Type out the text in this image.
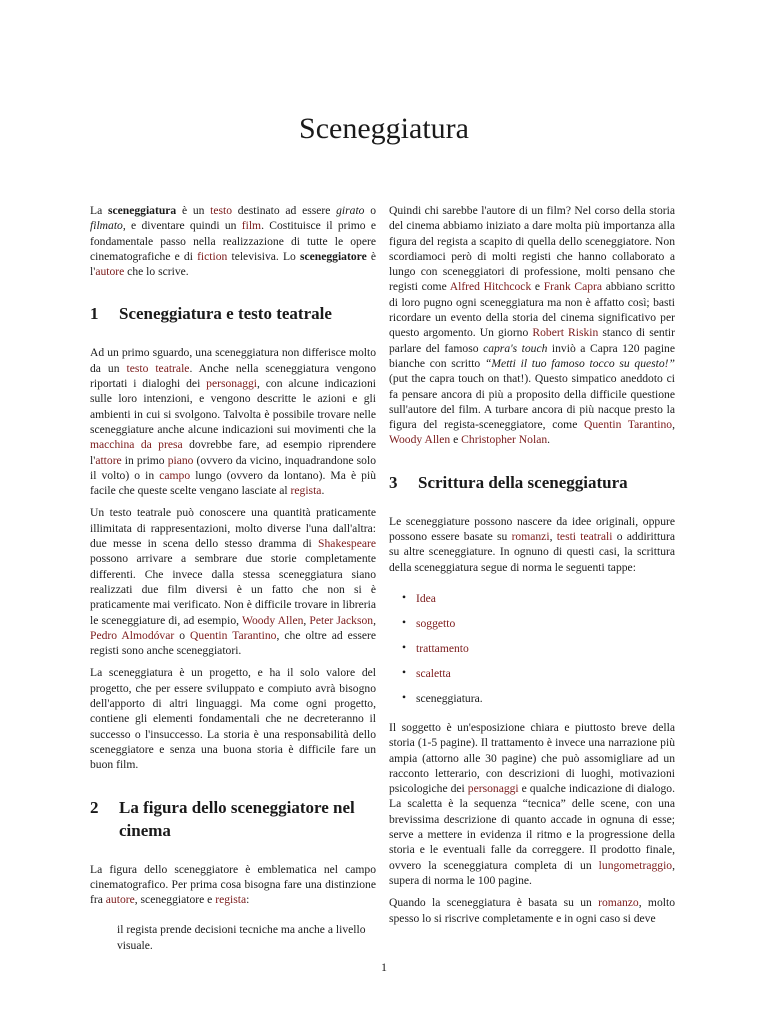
Sceneggiatura

La sceneggiatura è un testo destinato ad essere girato o filmato, e diventare quindi un film. Costituisce il primo e fondamentale passo nella realizzazione di tutte le opere cinematografiche e di fiction televisiva. Lo sceneggiatore è l'autore che lo scrive.

1	Sceneggiatura e testo teatrale

Ad un primo sguardo, una sceneggiatura non differisce molto da un testo teatrale. Anche nella sceneggiatura vengono riportati i dialoghi dei personaggi, con alcune indicazioni sulle loro intenzioni, e vengono descritte le azioni e gli ambienti in cui si svolgono. Talvolta è possibile trovare nelle sceneggiature anche alcune indicazioni sui movimenti che la macchina da presa dovrebbe fare, ad esempio riprendere l'attore in primo piano (ovvero da vicino, inquadrandone solo il volto) o in campo lungo (ovvero da lontano). Ma è più facile che queste scelte vengano lasciate al regista.

Un testo teatrale può conoscere una quantità praticamente illimitata di rappresentazioni, molto diverse l'una dall'altra: due messe in scena dello stesso dramma di Shakespeare possono arrivare a sembrare due storie completamente differenti. Che invece dalla stessa sceneggiatura siano realizzati due film diversi è un fatto che non si è praticamente mai verificato. Non è difficile trovare in libreria le sceneggiature di, ad esempio, Woody Allen, Peter Jackson, Pedro Almodóvar o Quentin Tarantino, che oltre ad essere registi sono anche sceneggiatori.

La sceneggiatura è un progetto, e ha il solo valore del progetto, che per essere sviluppato e compiuto avrà bisogno dell'apporto di altri linguaggi. Ma come ogni progetto, contiene gli elementi fondamentali che ne decreteranno il successo o l'insuccesso. La storia è una responsabilità dello sceneggiatore e senza una buona storia è difficile fare un buon film.

2	La figura dello sceneggiatore nel cinema

La figura dello sceneggiatore è emblematica nel campo cinematografico. Per prima cosa bisogna fare una distinzione fra autore, sceneggiatore e regista:

il regista prende decisioni tecniche ma anche a livello visuale.

Quindi chi sarebbe l'autore di un film? Nel corso della storia del cinema abbiamo iniziato a dare molta più importanza alla figura del regista a scapito di quella dello sceneggiatore. Non scordiamoci però di molti registi che hanno collaborato a lungo con sceneggiatori di professione, molti pensano che registi come Alfred Hitchcock e Frank Capra abbiano scritto di loro pugno ogni sceneggiatura ma non è affatto così; basti ricordare un evento della storia del cinema significativo per questo argomento. Un giorno Robert Riskin stanco di sentir parlare del famoso capra's touch inviò a Capra 120 pagine bianche con scritto “Metti il tuo famoso tocco su questo!” (put the capra touch on that!). Questo simpatico aneddoto ci fa pensare ancora di più a proposito della difficile questione sull'autore del film. A turbare ancora di più nacque presto la figura del regista-sceneggiatore, come Quentin Tarantino, Woody Allen e Christopher Nolan.

3	Scrittura della sceneggiatura

Le sceneggiature possono nascere da idee originali, oppure possono essere basate su romanzi, testi teatrali o addirittura su altre sceneggiature. In ognuno di questi casi, la scrittura della sceneggiatura segue di norma le seguenti tappe:

• Idea
• soggetto
• trattamento
• scaletta
• sceneggiatura.

Il soggetto è un'esposizione chiara e piuttosto breve della storia (1-5 pagine). Il trattamento è invece una narrazione più ampia (attorno alle 30 pagine) che può assomigliare ad un racconto letterario, con descrizioni di luoghi, motivazioni psicologiche dei personaggi e qualche indicazione di dialogo. La scaletta è la sequenza “tecnica” delle scene, con una brevissima descrizione di quanto accade in ognuna di esse; serve a mettere in evidenza il ritmo e la progressione della storia e le eventuali falle da correggere. Il prodotto finale, ovvero la sceneggiatura completa di un lungometraggio, supera di norma le 100 pagine.

Quando la sceneggiatura è basata su un romanzo, molto spesso lo si riscrive completamente e in ogni caso si deve

1
